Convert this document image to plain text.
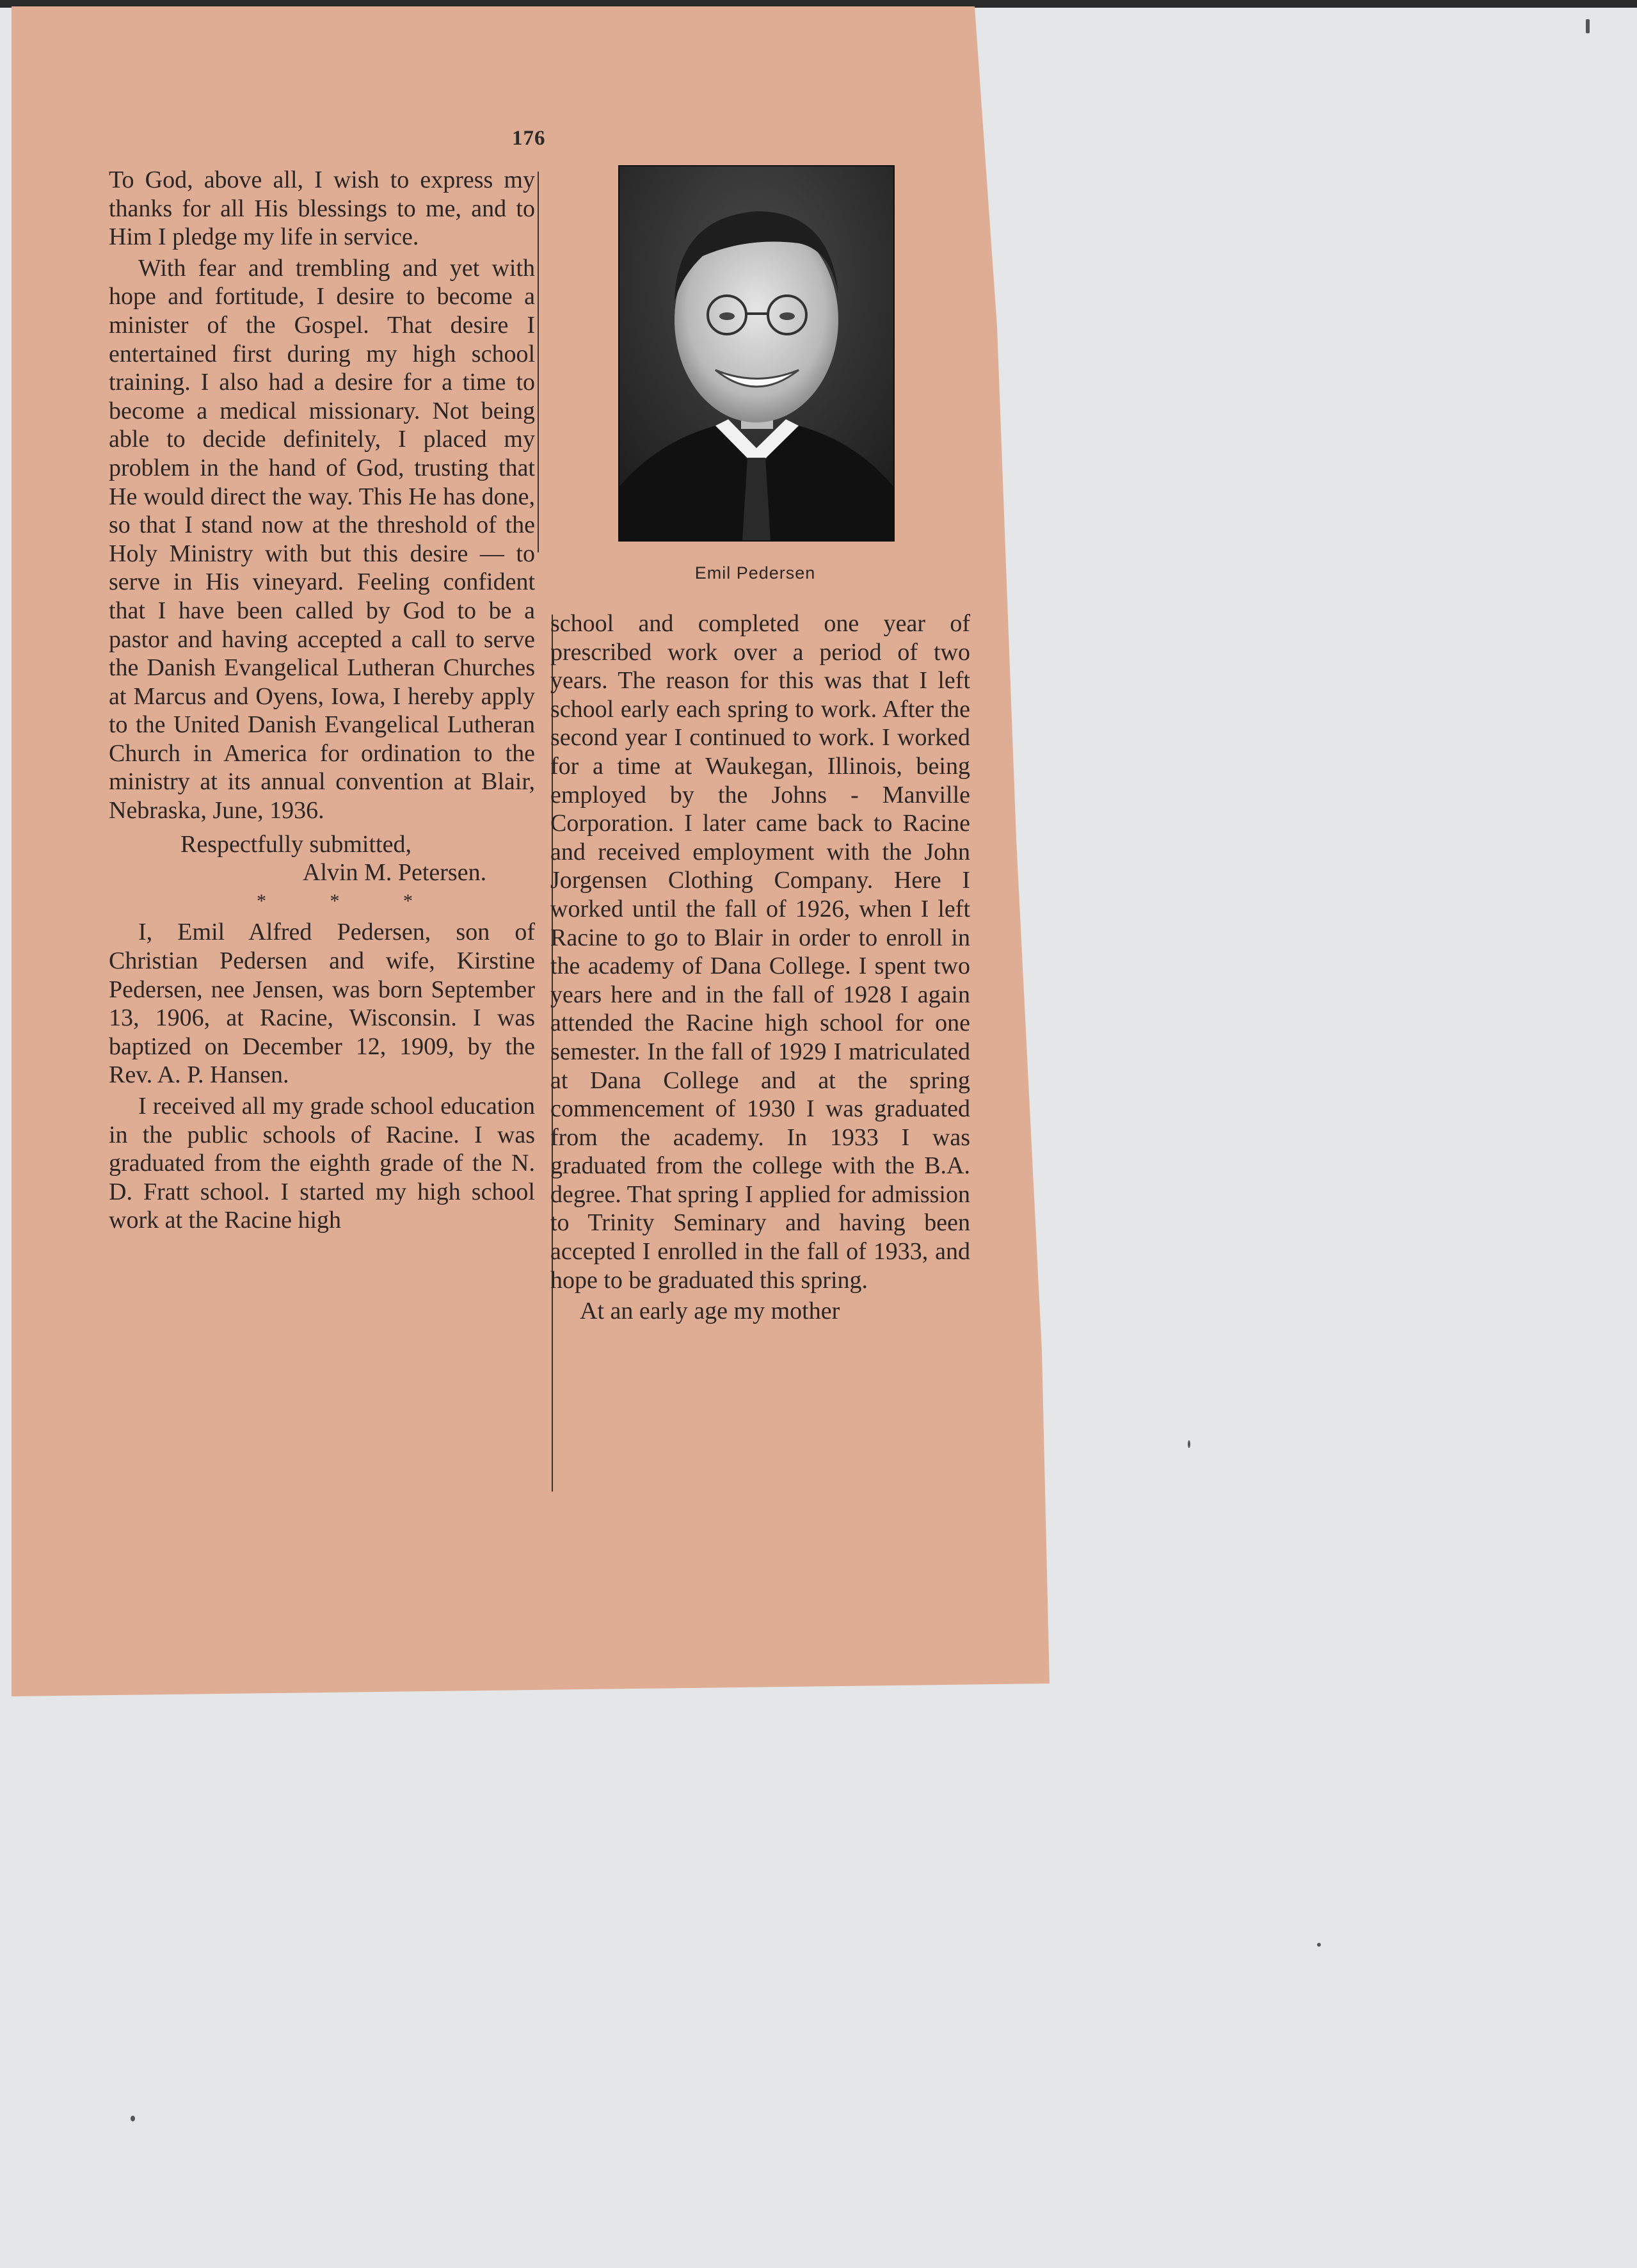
176

To God, above all, I wish to express my thanks for all His blessings to me, and to Him I pledge my life in service.

With fear and trembling and yet with hope and fortitude, I desire to become a minister of the Gospel. That desire I entertained first during my high school training. I also had a desire for a time to become a medical missionary. Not being able to decide definitely, I placed my problem in the hand of God, trusting that He would direct the way. This He has done, so that I stand now at the threshold of the Holy Ministry with but this desire — to serve in His vineyard. Feeling confident that I have been called by God to be a pastor and having accepted a call to serve the Danish Evangelical Lutheran Churches at Marcus and Oyens, Iowa, I hereby apply to the United Danish Evangelical Lutheran Church in America for ordination to the ministry at its annual convention at Blair, Nebraska, June, 1936.

Respectfully submitted,

Alvin M. Petersen.

* * *

I, Emil Alfred Pedersen, son of Christian Pedersen and wife, Kirstine Pedersen, nee Jensen, was born September 13, 1906, at Racine, Wisconsin. I was baptized on December 12, 1909, by the Rev. A. P. Hansen.

I received all my grade school education in the public schools of Racine. I was graduated from the eighth grade of the N. D. Fratt school. I started my high school work at the Racine high

Emil Pedersen

school and completed one year of prescribed work over a period of two years. The reason for this was that I left school early each spring to work. After the second year I continued to work. I worked for a time at Waukegan, Illinois, being employed by the Johns - Manville Corporation. I later came back to Racine and received employment with the John Jorgensen Clothing Company. Here I worked until the fall of 1926, when I left Racine to go to Blair in order to enroll in the academy of Dana College. I spent two years here and in the fall of 1928 I again attended the Racine high school for one semester. In the fall of 1929 I matriculated at Dana College and at the spring commencement of 1930 I was graduated from the academy. In 1933 I was graduated from the college with the B.A. degree. That spring I applied for admission to Trinity Seminary and having been accepted I enrolled in the fall of 1933, and hope to be graduated this spring.

At an early age my mother
